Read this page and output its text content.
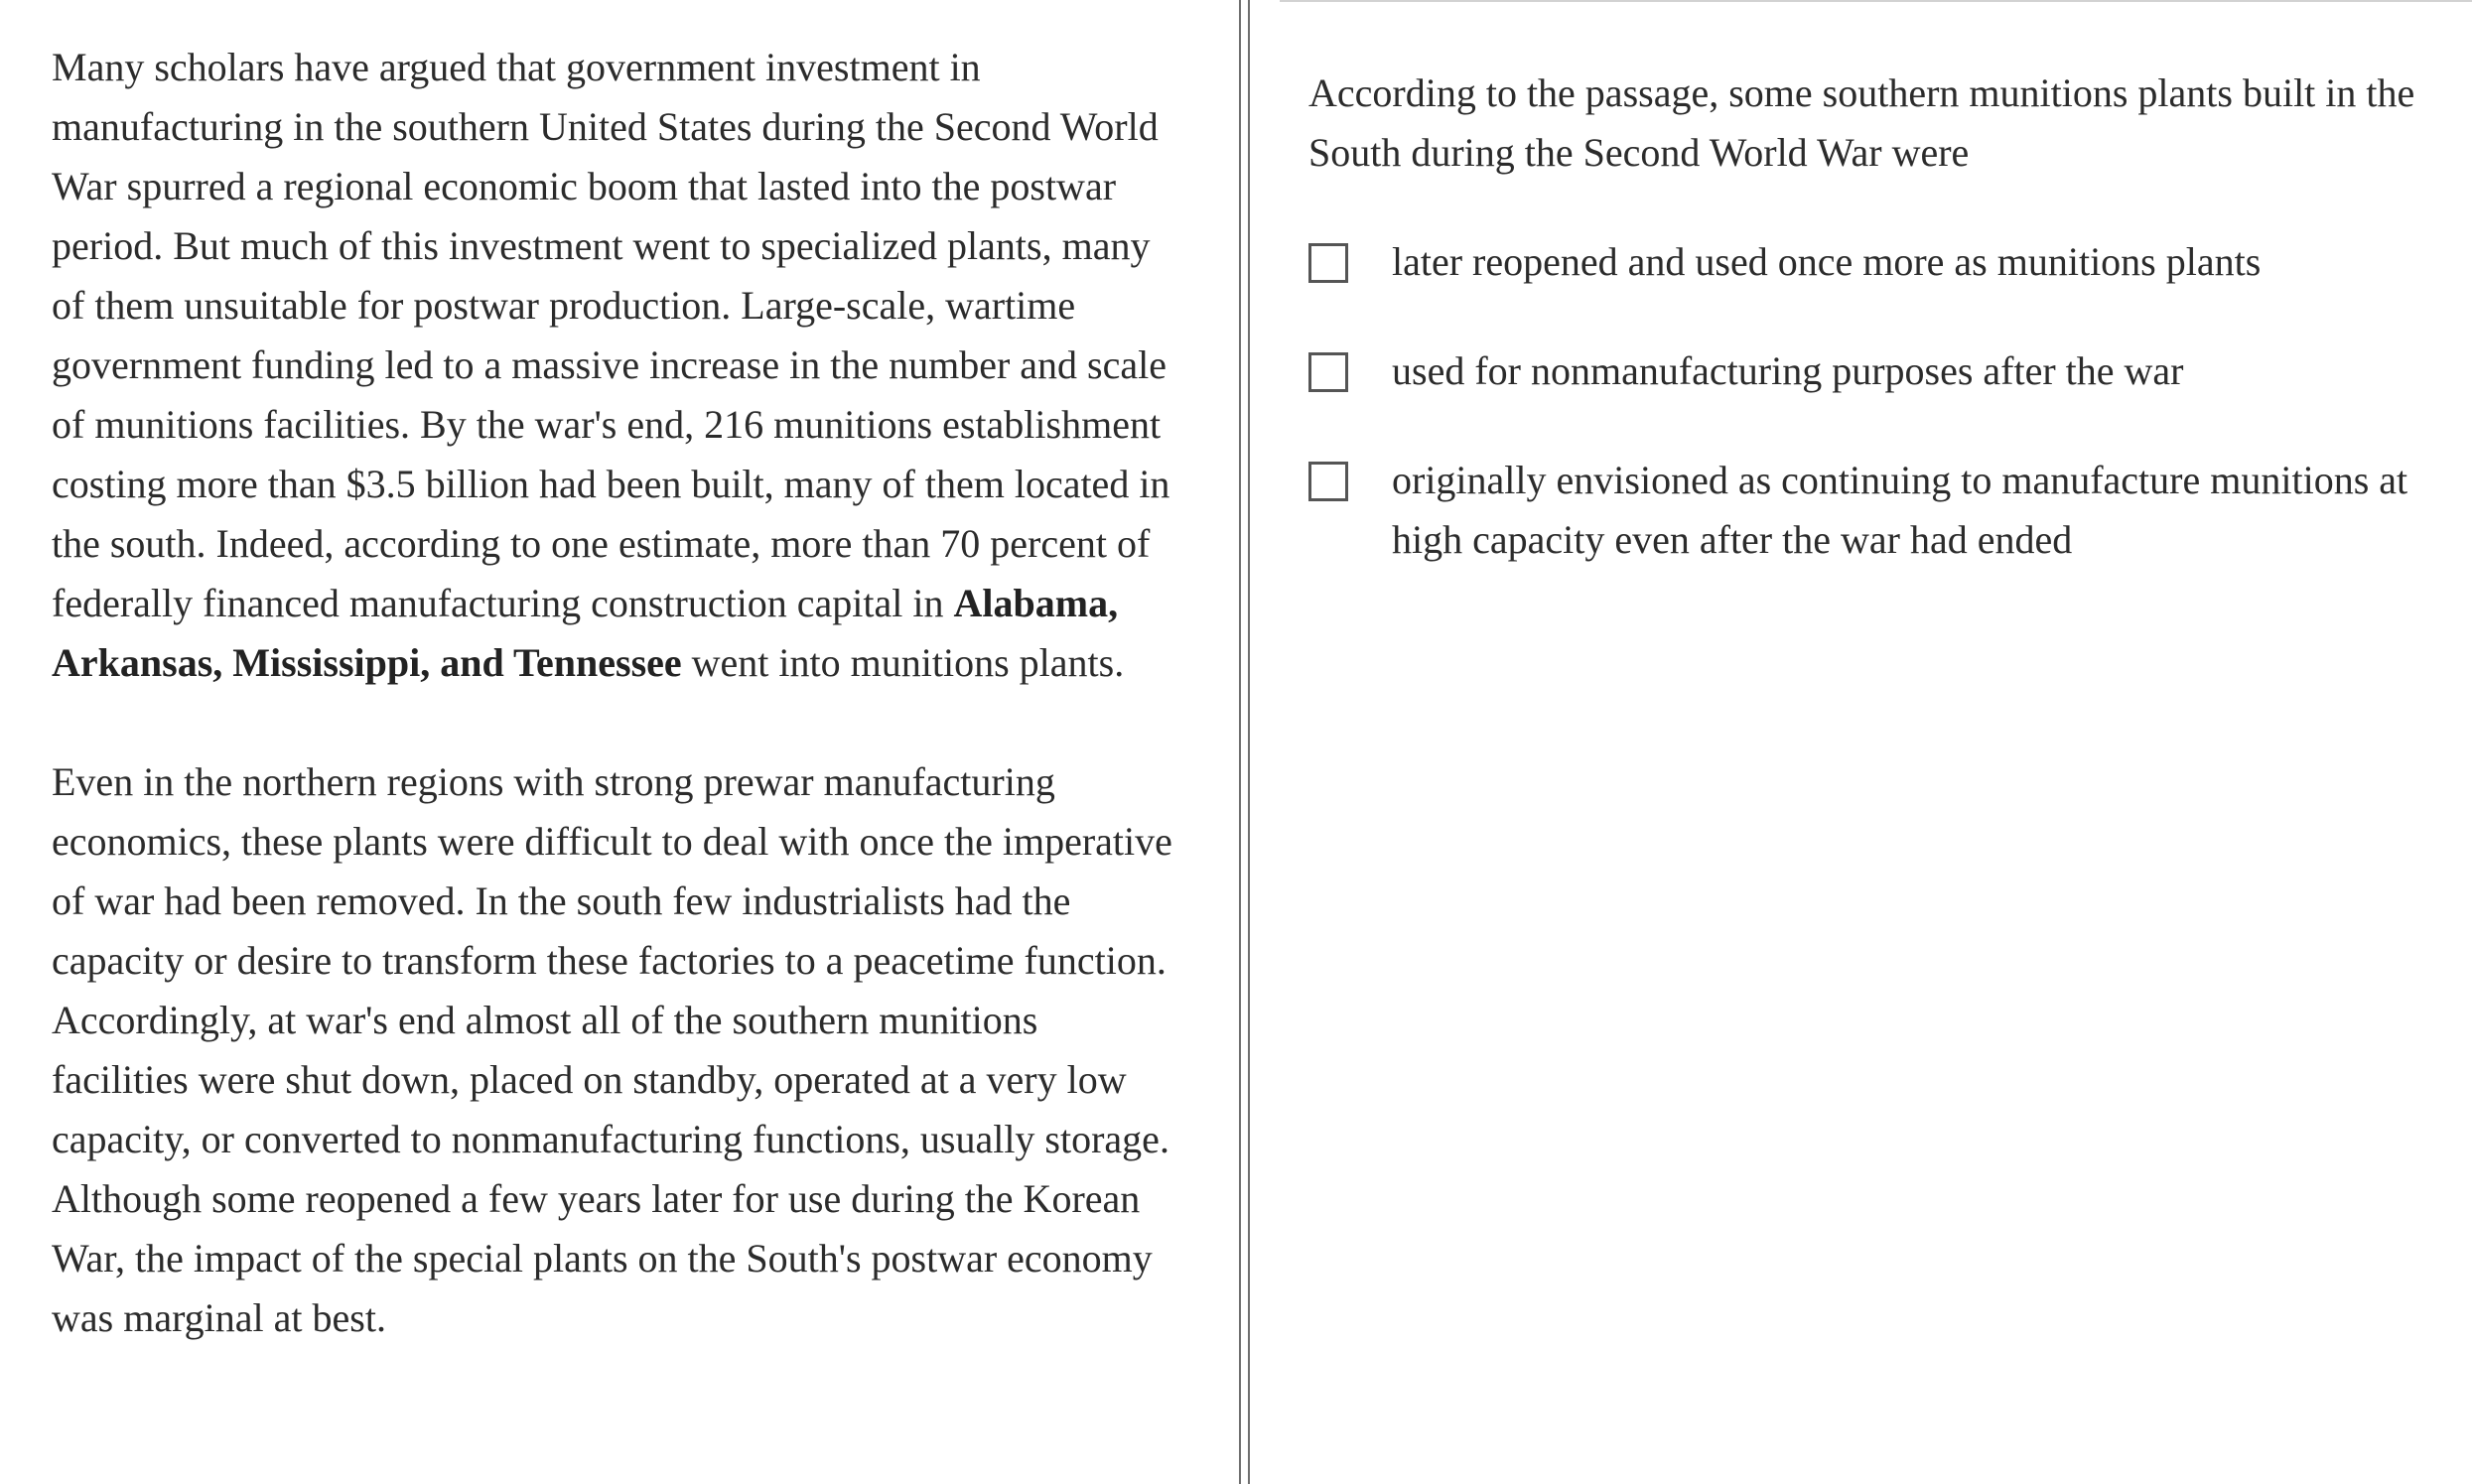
Many scholars have argued that government investment in manufacturing in the southern United States during the Second World War spurred a regional economic boom that lasted into the postwar period. But much of this investment went to specialized plants, many of them unsuitable for postwar production. Large-scale, wartime government funding led to a massive increase in the number and scale of munitions facilities. By the war's end, 216 munitions establishment costing more than $3.5 billion had been built, many of them located in the south. Indeed, according to one estimate, more than 70 percent of federally financed manufacturing construction capital in Alabama, Arkansas, Mississippi, and Tennessee went into munitions plants.

Even in the northern regions with strong prewar manufacturing economics, these plants were difficult to deal with once the imperative of war had been removed. In the south few industrialists had the capacity or desire to transform these factories to a peacetime function. Accordingly, at war's end almost all of the southern munitions facilities were shut down, placed on standby, operated at a very low capacity, or converted to nonmanufacturing functions, usually storage. Although some reopened a few years later for use during the Korean War, the impact of the special plants on the South's postwar economy was marginal at best.

According to the passage, some southern munitions plants built in the South during the Second World War were

later reopened and used once more as munitions plants
used for nonmanufacturing purposes after the war
originally envisioned as continuing to manufacture munitions at high capacity even after the war had ended
